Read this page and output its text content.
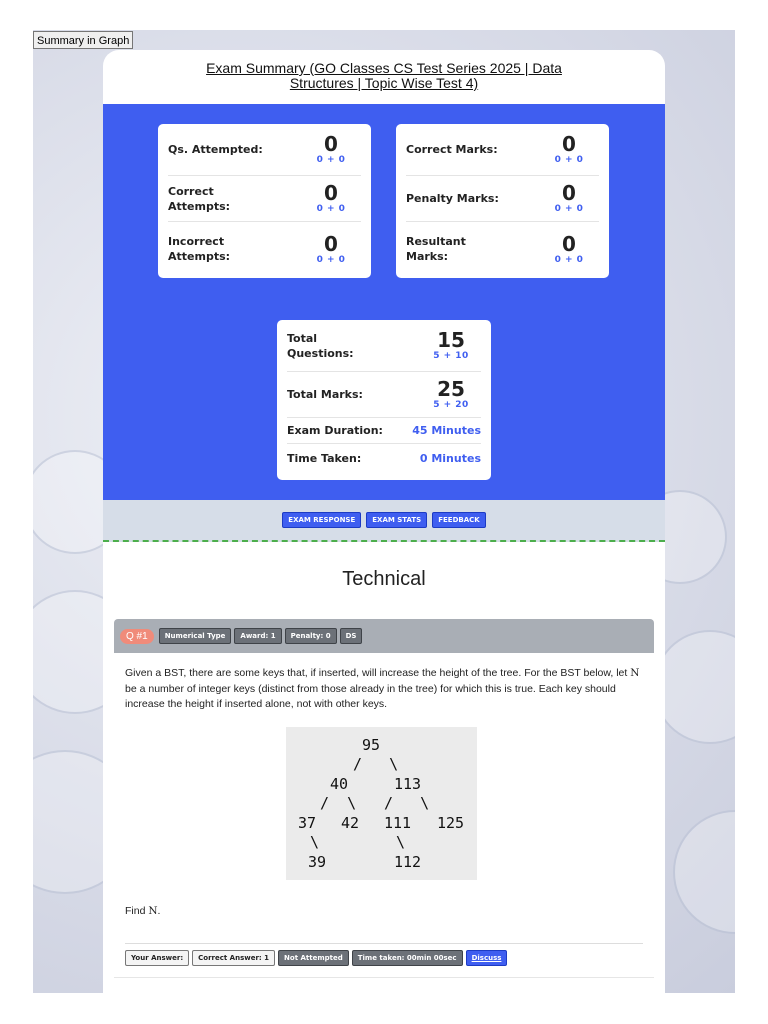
Summary in Graph
Exam Summary (GO Classes CS Test Series 2025 | Data
Structures | Topic Wise Test 4)
Qs. Attempted:	0
0 + 0
Correct Attempts:
0
0 + 0
Incorrect Attempts:
0
0 + 0
Correct Marks:	0
0 + 0
Penalty Marks:	0
0 + 0
Resultant Marks:
0
0 + 0
Total Questions:
15
5 + 10
Total Marks:	25
5 + 20
Exam Duration:	45 Minutes
Time Taken:	0 Minutes
EXAM RESPONSE	EXAM STATS	FEEDBACK
Technical
Q #1	Numerical Type	Award: 1	Penalty: 0	DS
Given a BST, there are some keys that, if inserted, will increase the height of the tree. For the BST below, let N be a number of integer keys (distinct from those already in the tree) for which this is true. Each key should increase the height if inserted alone, not with other keys.
95
/   \
40	113
/  \ /   \
37 42 111 125
\	\
39	112
Find N.
Your Answer:	Correct Answer: 1	Not Attempted	Time taken: 00min 00sec	Discuss
